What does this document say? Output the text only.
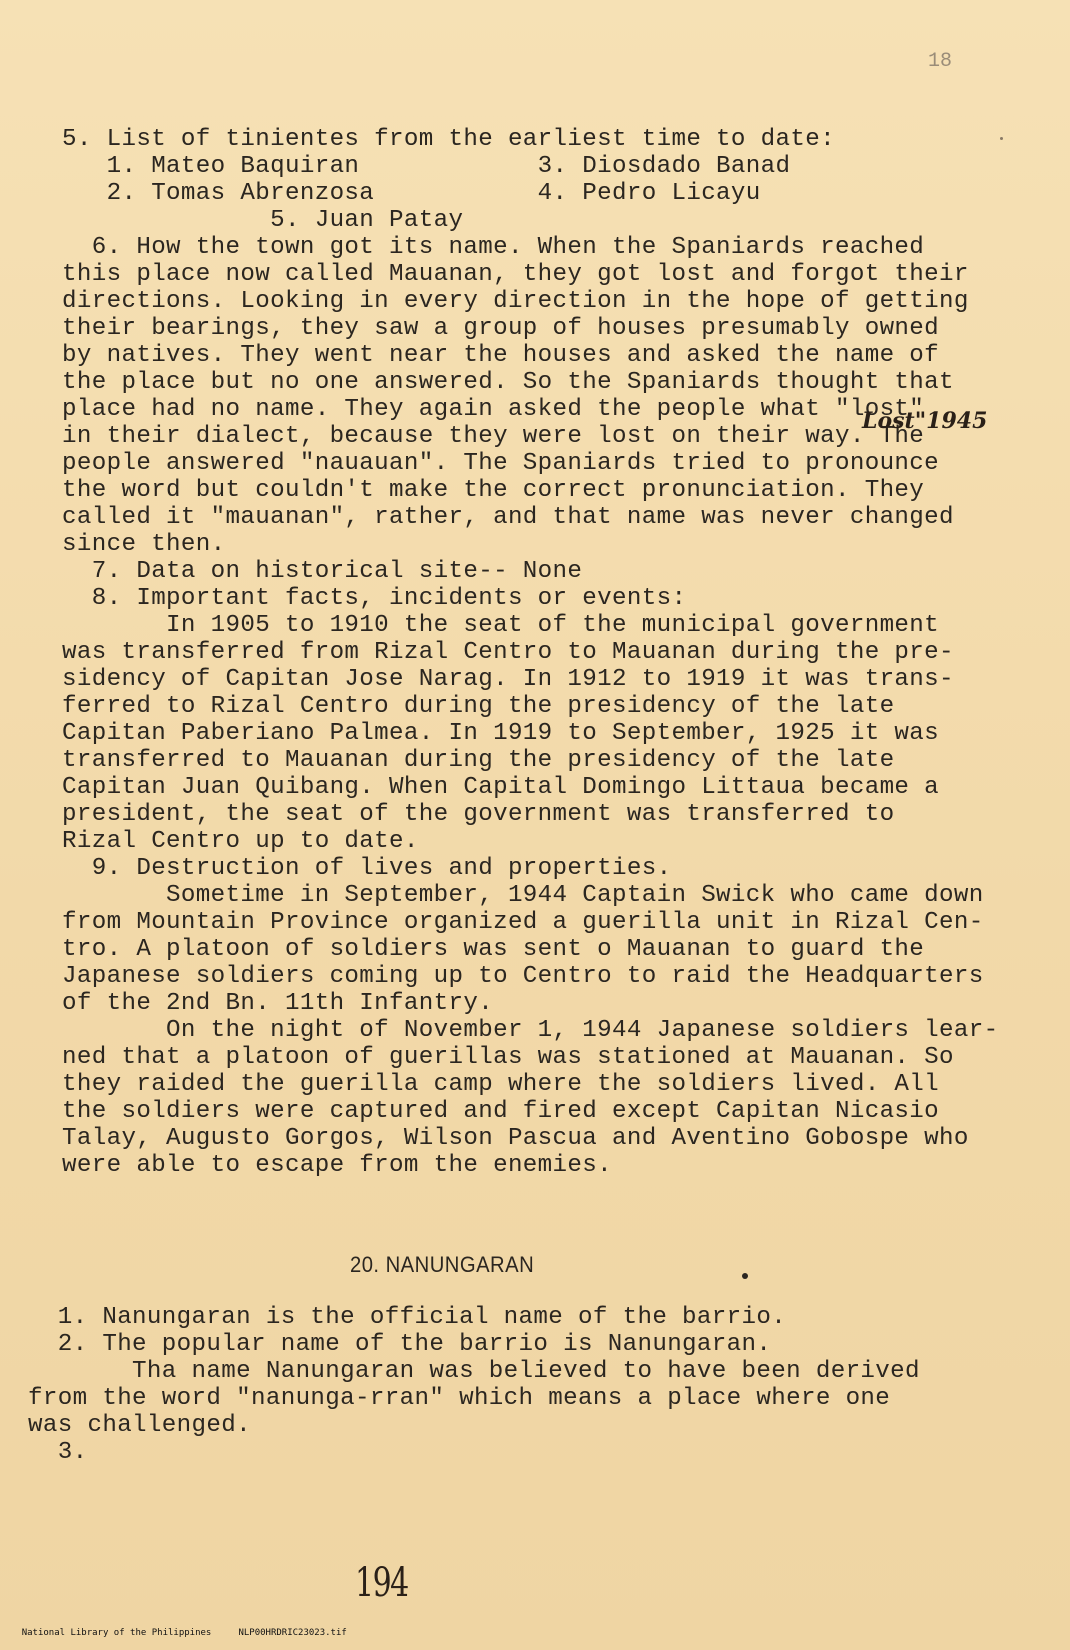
18
5. List of tinientes from the earliest time to date:
1. Mateo Baquiran            3. Diosdado Banad
2. Tomas Abrenzosa           4. Pedro Licayu
5. Juan Patay
6. How the town got its name. When the Spaniards reached
this place now called Mauanan, they got lost and forgot their
directions. Looking in every direction in the hope of getting
their bearings, they saw a group of houses presumably owned
by natives. They went near the houses and asked the name of
the place but no one answered. So the Spaniards thought that
place had no name. They again asked the people what "lost"
in their dialect, because they were lost on their way. The
people answered "nauauan". The Spaniards tried to pronounce
the word but couldn't make the correct pronunciation. They
called it "mauanan", rather, and that name was never changed
since then.
7. Data on historical site-- None
8. Important facts, incidents or events:
In 1905 to 1910 the seat of the municipal government
was transferred from Rizal Centro to Mauanan during the pre-
sidency of Capitan Jose Narag. In 1912 to 1919 it was trans-
ferred to Rizal Centro during the presidency of the late
Capitan Paberiano Palmea. In 1919 to September, 1925 it was
transferred to Mauanan during the presidency of the late
Capitan Juan Quibang. When Capital Domingo Littaua became a
president, the seat of the government was transferred to
Rizal Centro up to date.
9. Destruction of lives and properties.
Sometime in September, 1944 Captain Swick who came down
from Mountain Province organized a guerilla unit in Rizal Cen-
tro. A platoon of soldiers was sent o Mauanan to guard the
Japanese soldiers coming up to Centro to raid the Headquarters
of the 2nd Bn. 11th Infantry.
On the night of November 1, 1944 Japanese soldiers lear-
ned that a platoon of guerillas was stationed at Mauanan. So
they raided the guerilla camp where the soldiers lived. All
the soldiers were captured and fired except Capitan Nicasio
Talay, Augusto Gorgos, Wilson Pascua and Aventino Gobospe who
were able to escape from the enemies.
20. NANUNGARAN
1. Nanungaran is the official name of the barrio.
2. The popular name of the barrio is Nanungaran.
Tha name Nanungaran was believed to have been derived
from the word "nanunga-rran" which means a place where one
was challenged.
3.
Lost"1945
194

National Library of the Philippines	NLP00HRDRIC23023.tif
